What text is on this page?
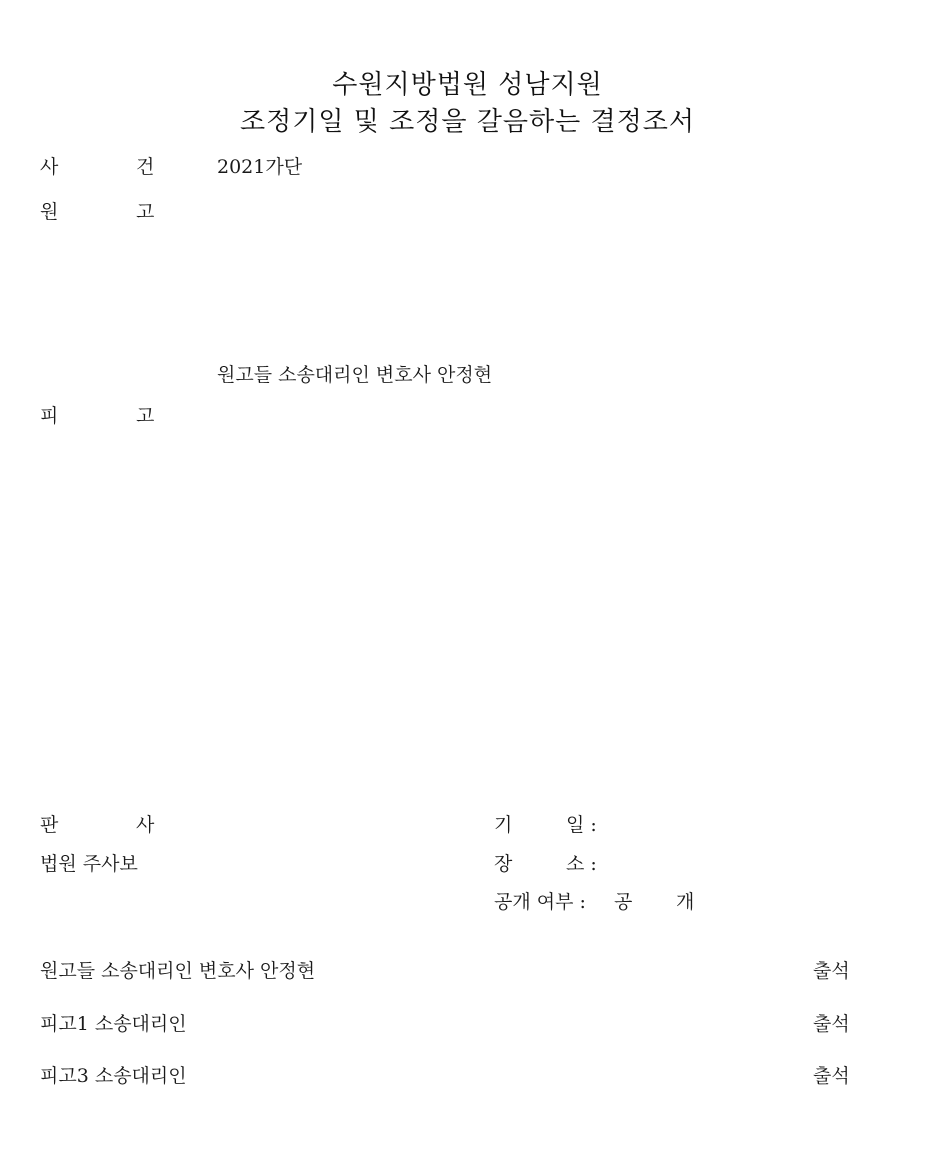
수원지방법원 성남지원
조정기일 및 조정을 갈음하는 결정조서
사	건	2021가단
원	고
원고들 소송대리인 변호사 안정현
피	고
판	사
법원 주사보
기	일 :
장	소 :
공개 여부 : 공 개
원고들 소송대리인 변호사 안정현	출석
피고1 소송대리인	출석
피고3 소송대리인	출석
